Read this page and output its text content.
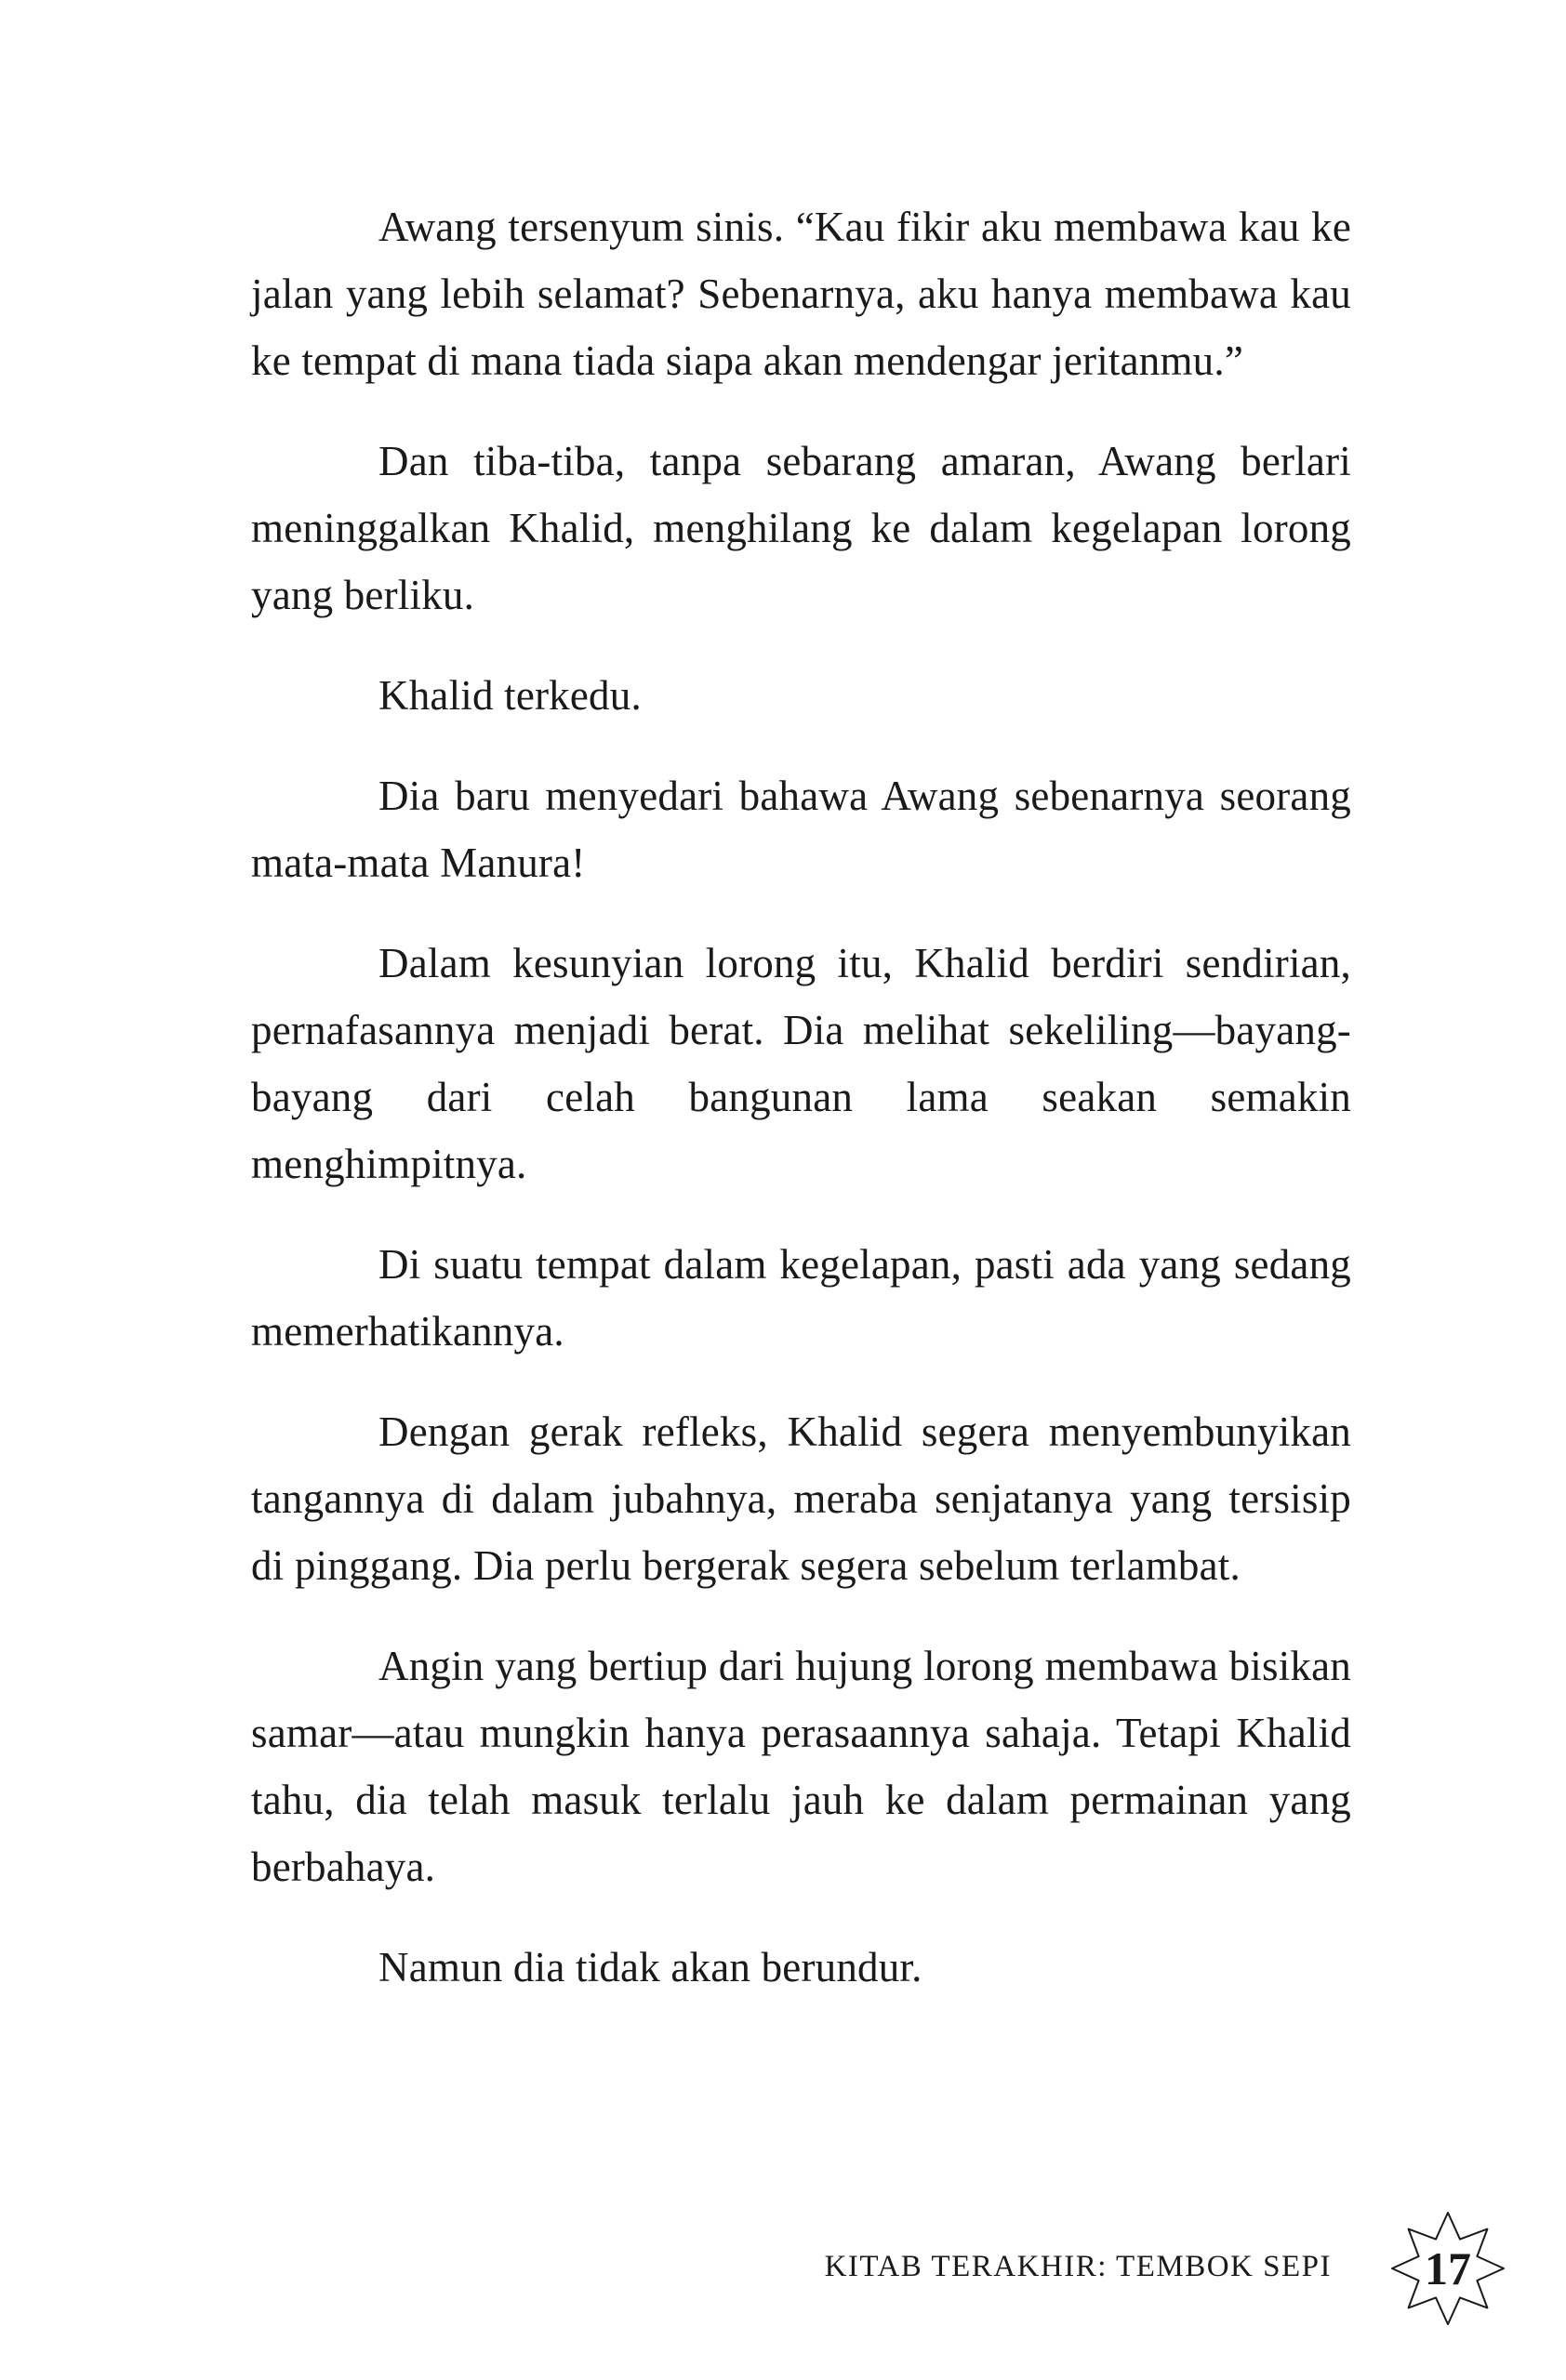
Awang tersenyum sinis. “Kau fikir aku membawa kau ke jalan yang lebih selamat? Sebenarnya, aku hanya membawa kau ke tempat di mana tiada siapa akan mendengar jeritanmu.”

Dan tiba-tiba, tanpa sebarang amaran, Awang berlari meninggalkan Khalid, menghilang ke dalam kegelapan lorong yang berliku.

Khalid terkedu.

Dia baru menyedari bahawa Awang sebenarnya seorang mata-mata Manura!

Dalam kesunyian lorong itu, Khalid berdiri sendirian, pernafasannya menjadi berat. Dia melihat sekeliling—bayang-bayang dari celah bangunan lama seakan semakin menghimpitnya.

Di suatu tempat dalam kegelapan, pasti ada yang sedang memerhatikannya.

Dengan gerak refleks, Khalid segera menyembunyikan tangannya di dalam jubahnya, meraba senjatanya yang tersisip di pinggang. Dia perlu bergerak segera sebelum terlambat.

Angin yang bertiup dari hujung lorong membawa bisikan samar—atau mungkin hanya perasaannya sahaja. Tetapi Khalid tahu, dia telah masuk terlalu jauh ke dalam permainan yang berbahaya.

Namun dia tidak akan berundur.

KITAB TERAKHIR: TEMBOK SEPI	17
